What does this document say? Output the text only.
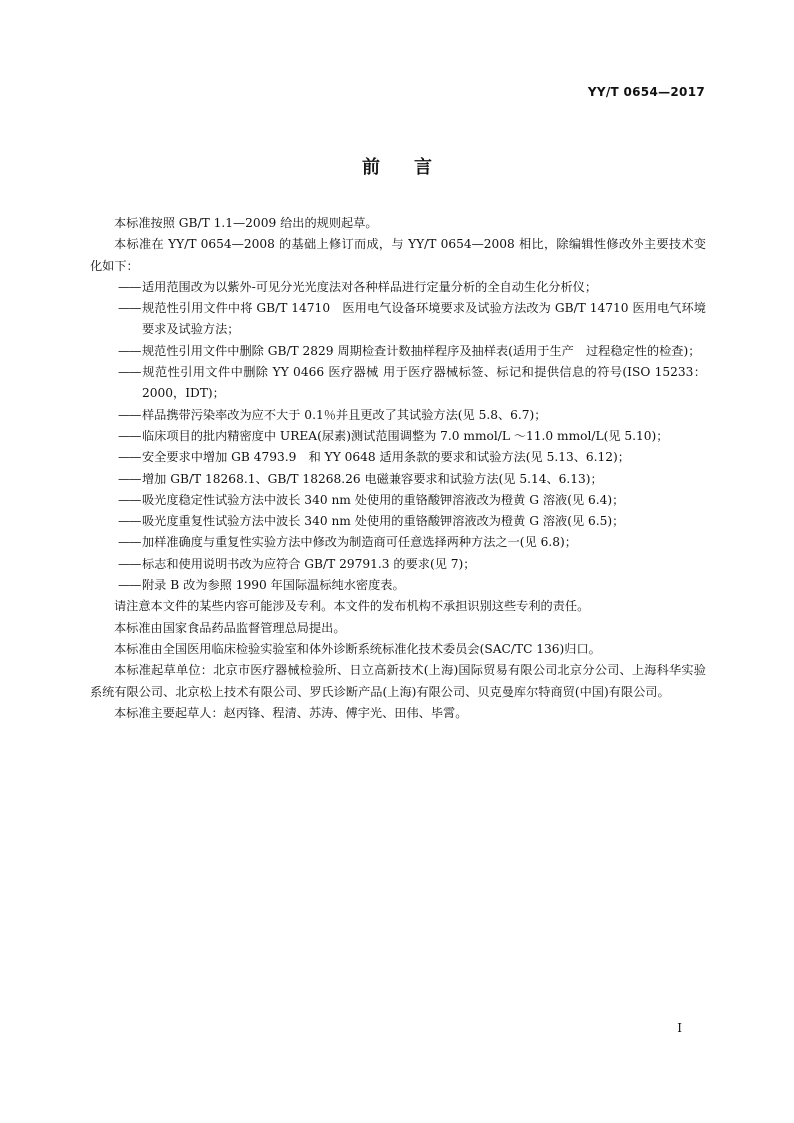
YY/T 0654—2017
前言

本标准按照 GB/T 1.1—2009 给出的规则起草。

本标准在 YY/T 0654—2008 的基础上修订而成，与 YY/T 0654—2008 相比，除编辑性修改外主要技术变化如下：

—— 适用范围改为以紫外-可见分光光度法对各种样品进行定量分析的全自动生化分析仪；

—— 规范性引用文件中将 GB/T 14710　医用电气设备环境要求及试验方法改为 GB/T 14710 医用电气环境要求及试验方法；

—— 规范性引用文件中删除 GB/T 2829 周期检查计数抽样程序及抽样表(适用于生产　过程稳定性的检查)；

—— 规范性引用文件中删除 YY 0466 医疗器械 用于医疗器械标签、标记和提供信息的符号(ISO 15233：2000，IDT)；

—— 样品携带污染率改为应不大于 0.1％并且更改了其试验方法(见 5.8、6.7)；

—— 临床项目的批内精密度中 UREA(尿素)测试范围调整为 7.0 mmol/L ～11.0 mmol/L(见 5.10)；

—— 安全要求中增加 GB 4793.9　和 YY 0648 适用条款的要求和试验方法(见 5.13、6.12)；

—— 增加 GB/T 18268.1、GB/T 18268.26 电磁兼容要求和试验方法(见 5.14、6.13)；

—— 吸光度稳定性试验方法中波长 340 nm 处使用的重铬酸钾溶液改为橙黄 G 溶液(见 6.4)；

—— 吸光度重复性试验方法中波长 340 nm 处使用的重铬酸钾溶液改为橙黄 G 溶液(见 6.5)；

—— 加样准确度与重复性实验方法中修改为制造商可任意选择两种方法之一(见 6.8)；

—— 标志和使用说明书改为应符合 GB/T 29791.3 的要求(见 7)；

—— 附录 B 改为参照 1990 年国际温标纯水密度表。

请注意本文件的某些内容可能涉及专利。本文件的发布机构不承担识别这些专利的责任。

本标准由国家食品药品监督管理总局提出。

本标准由全国医用临床检验实验室和体外诊断系统标准化技术委员会(SAC/TC 136)归口。

本标准起草单位：北京市医疗器械检验所、日立高新技术(上海)国际贸易有限公司北京分公司、上海科华实验系统有限公司、北京松上技术有限公司、罗氏诊断产品(上海)有限公司、贝克曼库尔特商贸(中国)有限公司。

本标准主要起草人：赵丙锋、程清、苏涛、傅宇光、田伟、毕霄。

I
